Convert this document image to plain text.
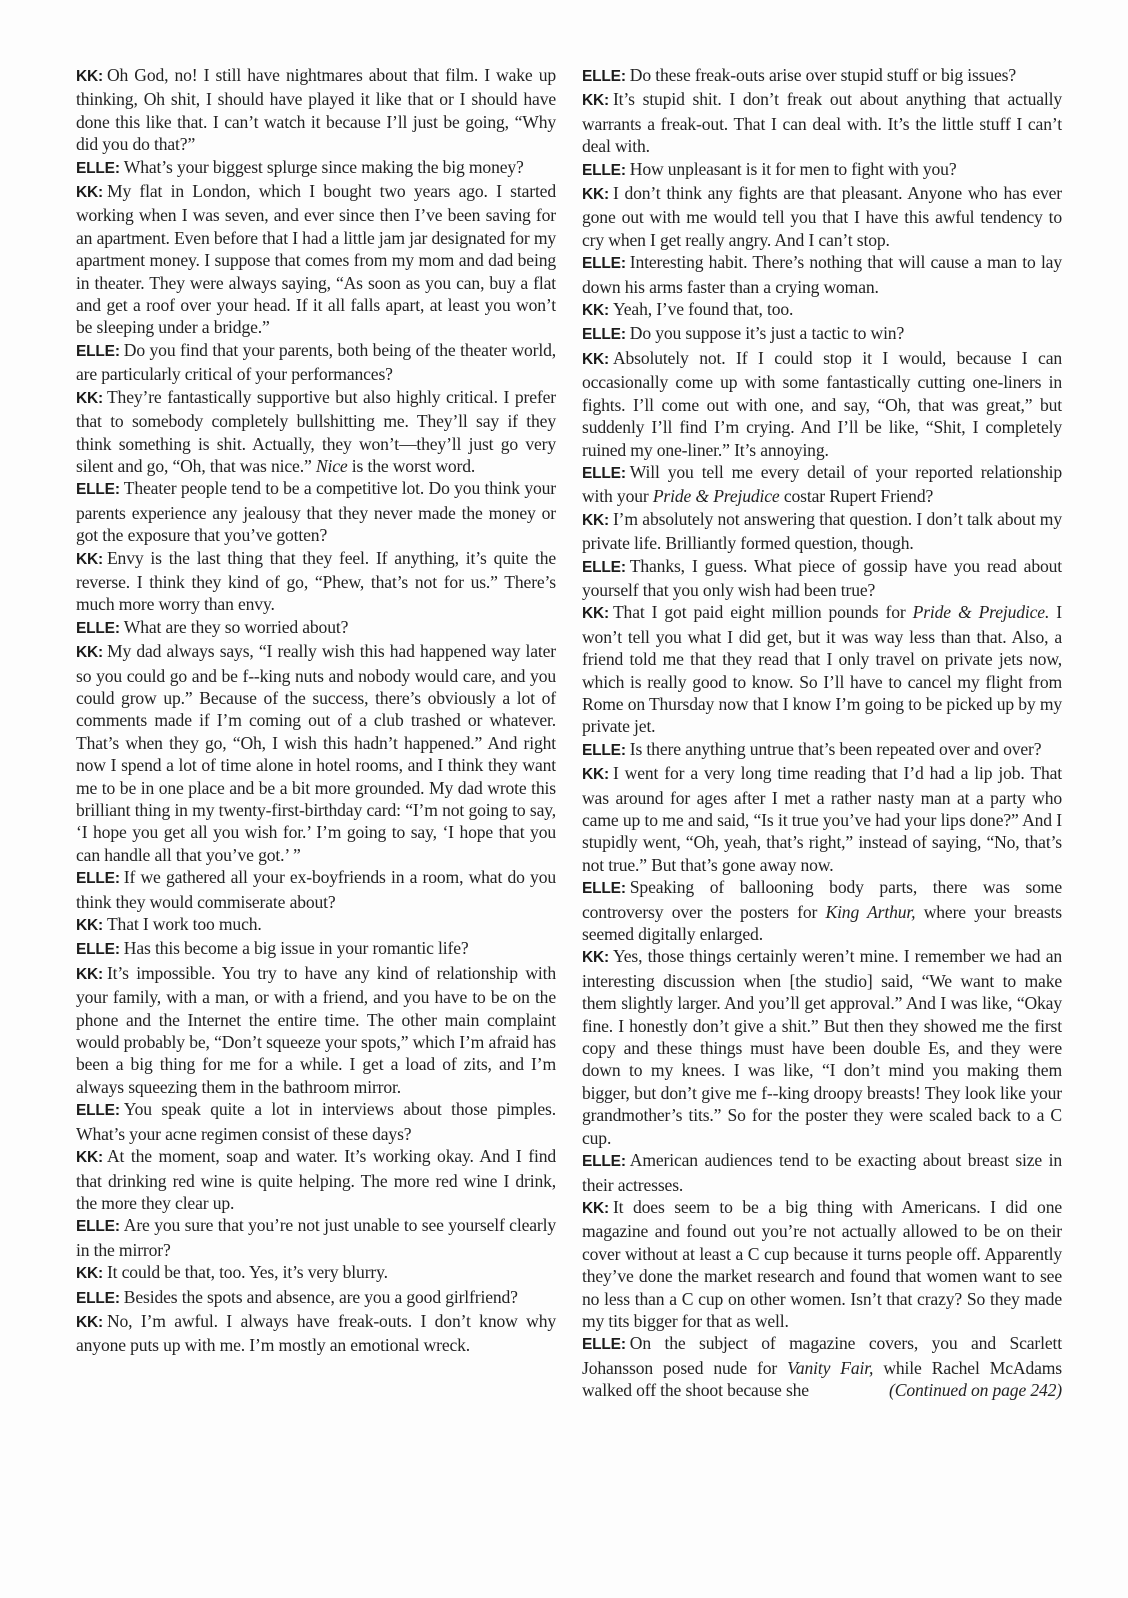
KK: Oh God, no! I still have nightmares about that film. I wake up thinking, Oh shit, I should have played it like that or I should have done this like that. I can’t watch it because I’ll just be going, “Why did you do that?”

ELLE: What’s your biggest splurge since making the big money?

KK: My flat in London, which I bought two years ago. I started working when I was seven, and ever since then I’ve been saving for an apartment. Even before that I had a little jam jar designated for my apartment money. I suppose that comes from my mom and dad being in theater. They were always saying, “As soon as you can, buy a flat and get a roof over your head. If it all falls apart, at least you won’t be sleeping under a bridge.”

ELLE: Do you find that your parents, both being of the theater world, are particularly critical of your performances?

KK: They’re fantastically supportive but also highly critical. I prefer that to somebody completely bullshitting me. They’ll say if they think something is shit. Actually, they won’t—they’ll just go very silent and go, “Oh, that was nice.” Nice is the worst word.

ELLE: Theater people tend to be a competitive lot. Do you think your parents experience any jealousy that they never made the money or got the exposure that you’ve gotten?

KK: Envy is the last thing that they feel. If anything, it’s quite the reverse. I think they kind of go, “Phew, that’s not for us.” There’s much more worry than envy.

ELLE: What are they so worried about?

KK: My dad always says, “I really wish this had happened way later so you could go and be f--king nuts and nobody would care, and you could grow up.” Because of the success, there’s obviously a lot of comments made if I’m coming out of a club trashed or whatever. That’s when they go, “Oh, I wish this hadn’t happened.” And right now I spend a lot of time alone in hotel rooms, and I think they want me to be in one place and be a bit more grounded. My dad wrote this brilliant thing in my twenty-first-birthday card: “I’m not going to say, ‘I hope you get all you wish for.’ I’m going to say, ‘I hope that you can handle all that you’ve got.’ ”

ELLE: If we gathered all your ex-boyfriends in a room, what do you think they would commiserate about?

KK: That I work too much.

ELLE: Has this become a big issue in your romantic life?

KK: It’s impossible. You try to have any kind of relationship with your family, with a man, or with a friend, and you have to be on the phone and the Internet the entire time. The other main complaint would probably be, “Don’t squeeze your spots,” which I’m afraid has been a big thing for me for a while. I get a load of zits, and I’m always squeezing them in the bathroom mirror.

ELLE: You speak quite a lot in interviews about those pimples. What’s your acne regimen consist of these days?

KK: At the moment, soap and water. It’s working okay. And I find that drinking red wine is quite helping. The more red wine I drink, the more they clear up.

ELLE: Are you sure that you’re not just unable to see yourself clearly in the mirror?

KK: It could be that, too. Yes, it’s very blurry.

ELLE: Besides the spots and absence, are you a good girlfriend?

KK: No, I’m awful. I always have freak-outs. I don’t know why anyone puts up with me. I’m mostly an emotional wreck.

ELLE: Do these freak-outs arise over stupid stuff or big issues?

KK: It’s stupid shit. I don’t freak out about anything that actually warrants a freak-out. That I can deal with. It’s the little stuff I can’t deal with.

ELLE: How unpleasant is it for men to fight with you?

KK: I don’t think any fights are that pleasant. Anyone who has ever gone out with me would tell you that I have this awful tendency to cry when I get really angry. And I can’t stop.

ELLE: Interesting habit. There’s nothing that will cause a man to lay down his arms faster than a crying woman.

KK: Yeah, I’ve found that, too.

ELLE: Do you suppose it’s just a tactic to win?

KK: Absolutely not. If I could stop it I would, because I can occasionally come up with some fantastically cutting one-liners in fights. I’ll come out with one, and say, “Oh, that was great,” but suddenly I’ll find I’m crying. And I’ll be like, “Shit, I completely ruined my one-liner.” It’s annoying.

ELLE: Will you tell me every detail of your reported relationship with your Pride & Prejudice costar Rupert Friend?

KK: I’m absolutely not answering that question. I don’t talk about my private life. Brilliantly formed question, though.

ELLE: Thanks, I guess. What piece of gossip have you read about yourself that you only wish had been true?

KK: That I got paid eight million pounds for Pride & Prejudice. I won’t tell you what I did get, but it was way less than that. Also, a friend told me that they read that I only travel on private jets now, which is really good to know. So I’ll have to cancel my flight from Rome on Thursday now that I know I’m going to be picked up by my private jet.

ELLE: Is there anything untrue that’s been repeated over and over?

KK: I went for a very long time reading that I’d had a lip job. That was around for ages after I met a rather nasty man at a party who came up to me and said, “Is it true you’ve had your lips done?” And I stupidly went, “Oh, yeah, that’s right,” instead of saying, “No, that’s not true.” But that’s gone away now.

ELLE: Speaking of ballooning body parts, there was some controversy over the posters for King Arthur, where your breasts seemed digitally enlarged.

KK: Yes, those things certainly weren’t mine. I remember we had an interesting discussion when [the studio] said, “We want to make them slightly larger. And you’ll get approval.” And I was like, “Okay fine. I honestly don’t give a shit.” But then they showed me the first copy and these things must have been double Es, and they were down to my knees. I was like, “I don’t mind you making them bigger, but don’t give me f--king droopy breasts! They look like your grandmother’s tits.” So for the poster they were scaled back to a C cup.

ELLE: American audiences tend to be exacting about breast size in their actresses.

KK: It does seem to be a big thing with Americans. I did one magazine and found out you’re not actually allowed to be on their cover without at least a C cup because it turns people off. Apparently they’ve done the market research and found that women want to see no less than a C cup on other women. Isn’t that crazy? So they made my tits bigger for that as well.

ELLE: On the subject of magazine covers, you and Scarlett Johansson posed nude for Vanity Fair, while Rachel McAdams walked off the shoot because she	(Continued on page 242)
